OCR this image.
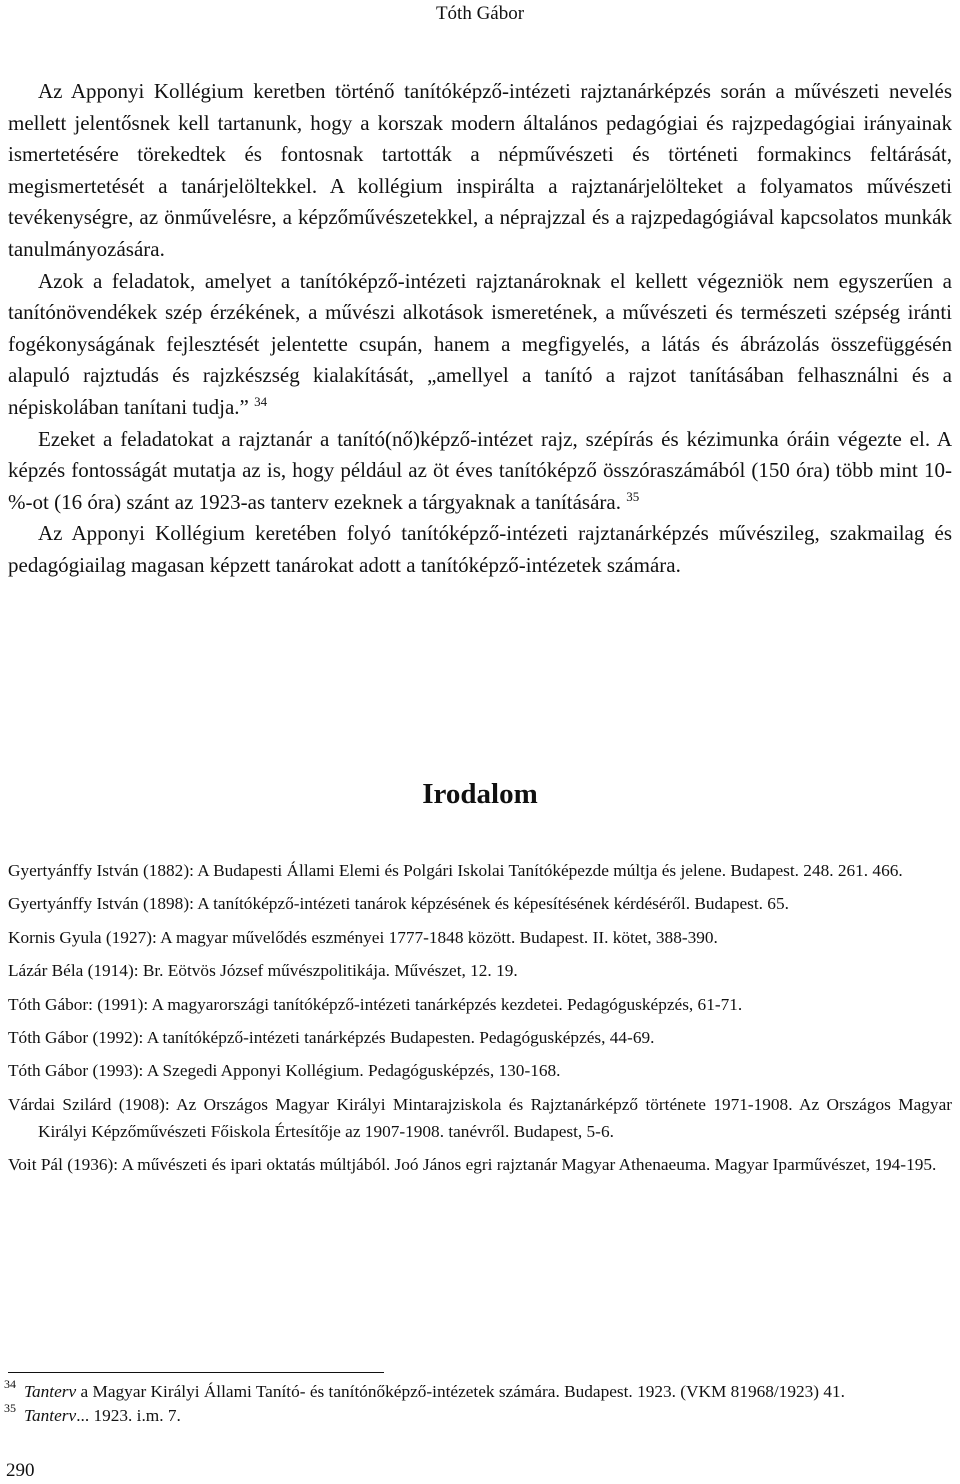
Tóth Gábor

Az Apponyi Kollégium keretben történő tanítóképző-intézeti rajztanárképzés során a művészeti nevelés mellett jelentősnek kell tartanunk, hogy a korszak modern általános pedagógiai és rajzpedagógiai irányainak ismertetésére törekedtek és fontosnak tartották a népművészeti és történeti formakincs feltárását, megismertetését a tanárjelöltekkel. A kollégium inspirálta a rajztanárjelölteket a folyamatos művészeti tevékenységre, az önművelésre, a képzőművészetekkel, a néprajzzal és a rajzpedagógiával kapcsolatos munkák tanulmányozására.

Azok a feladatok, amelyet a tanítóképző-intézeti rajztanároknak el kellett végezniök nem egyszerűen a tanítónövendékek szép érzékének, a művészi alkotások ismeretének, a művészeti és természeti szépség iránti fogékonyságának fejlesztését jelentette csupán, hanem a megfigyelés, a látás és ábrázolás összefüggésén alapuló rajztudás és rajzkészség kialakítását, „amellyel a tanító a rajzot tanításában felhasználni és a népiskolában tanítani tudja.” $^{34}$

Ezeket a feladatokat a rajztanár a tanító(nő)képző-intézet rajz, szépírás és kézimunka óráin végezte el. A képzés fontosságát mutatja az is, hogy például az öt éves tanítóképző összóraszámából (150 óra) több mint 10-%-ot (16 óra) szánt az 1923-as tanterv ezeknek a tárgyaknak a tanítására. $^{35}$

Az Apponyi Kollégium keretében folyó tanítóképző-intézeti rajztanárképzés művészileg, szakmailag és pedagógiailag magasan képzett tanárokat adott a tanítóképző-intézetek számára.

Irodalom

Gyertyánffy István (1882): A Budapesti Állami Elemi és Polgári Iskolai Tanítóképezde múltja és jelene. Budapest. 248. 261. 466.

Gyertyánffy István (1898): A tanítóképző-intézeti tanárok képzésének és képesítésének kérdéséről. Budapest. 65.

Kornis Gyula (1927): A magyar művelődés eszményei 1777-1848 között. Budapest. II. kötet, 388-390.

Lázár Béla (1914): Br. Eötvös József művészpolitikája. Művészet, 12. 19.

Tóth Gábor: (1991): A magyarországi tanítóképző-intézeti tanárképzés kezdetei. Pedagógusképzés, 61-71.

Tóth Gábor (1992): A tanítóképző-intézeti tanárképzés Budapesten. Pedagógusképzés, 44-69.

Tóth Gábor (1993): A Szegedi Apponyi Kollégium. Pedagógusképzés, 130-168.

Várdai Szilárd (1908): Az Országos Magyar Királyi Mintarajziskola és Rajztanárképző története 1971-1908. Az Országos Magyar Királyi Képzőművészeti Főiskola Értesítője az 1907-1908. tanévről. Budapest, 5-6.

Voit Pál (1936): A művészeti és ipari oktatás múltjából. Joó János egri rajztanár Magyar Athenaeuma. Magyar Iparművészet, 194-195.

34 Tanterv a Magyar Királyi Állami Tanító- és tanítónőképző-intézetek számára. Budapest. 1923. (VKM 81968/1923) 41.

35 Tanterv... 1923. i.m. 7.

290
